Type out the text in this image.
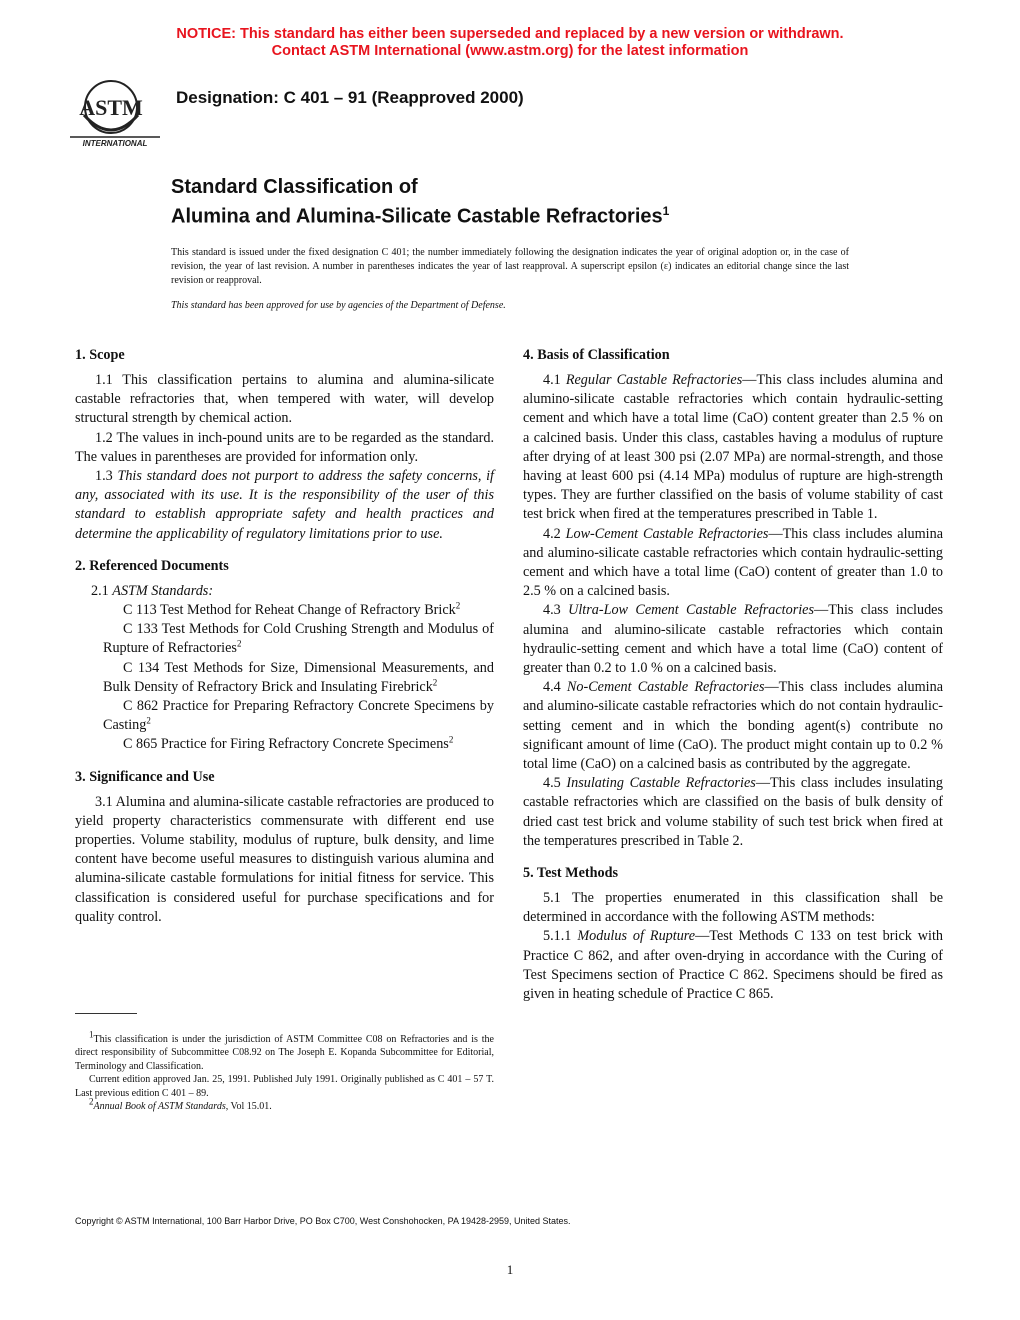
NOTICE: This standard has either been superseded and replaced by a new version or withdrawn.
Contact ASTM International (www.astm.org) for the latest information
ASTM
INTERNATIONAL
Designation: C 401 – 91 (Reapproved 2000)
Standard Classification of
Alumina and Alumina-Silicate Castable Refractories$^1$
This standard is issued under the fixed designation C 401; the number immediately following the designation indicates the year of original adoption or, in the case of revision, the year of last revision. A number in parentheses indicates the year of last reapproval. A superscript epsilon (ε) indicates an editorial change since the last revision or reapproval.
This standard has been approved for use by agencies of the Department of Defense.
1. Scope

1.1 This classification pertains to alumina and alumina-silicate castable refractories that, when tempered with water, will develop structural strength by chemical action.

1.2 The values in inch-pound units are to be regarded as the standard. The values in parentheses are provided for information only.

1.3 This standard does not purport to address the safety concerns, if any, associated with its use. It is the responsibility of the user of this standard to establish appropriate safety and health practices and determine the applicability of regulatory limitations prior to use.

2. Referenced Documents

2.1 ASTM Standards:

C 113 Test Method for Reheat Change of Refractory Brick$^2$

C 133 Test Methods for Cold Crushing Strength and Modulus of Rupture of Refractories$^2$

C 134 Test Methods for Size, Dimensional Measurements, and Bulk Density of Refractory Brick and Insulating Firebrick$^2$

C 862 Practice for Preparing Refractory Concrete Specimens by Casting$^2$

C 865 Practice for Firing Refractory Concrete Specimens$^2$

3. Significance and Use

3.1 Alumina and alumina-silicate castable refractories are produced to yield property characteristics commensurate with different end use properties. Volume stability, modulus of rupture, bulk density, and lime content have become useful measures to distinguish various alumina and alumina-silicate castable formulations for initial fitness for service. This classification is considered useful for purchase specifications and for quality control.

$^1$This classification is under the jurisdiction of ASTM Committee C08 on Refractories and is the direct responsibility of Subcommittee C08.92 on The Joseph E. Kopanda Subcommittee for Editorial, Terminology and Classification.

Current edition approved Jan. 25, 1991. Published July 1991. Originally published as C 401 – 57 T. Last previous edition C 401 – 89.

$^2$Annual Book of ASTM Standards, Vol 15.01.

4. Basis of Classification

4.1 Regular Castable Refractories—This class includes alumina and alumino-silicate castable refractories which contain hydraulic-setting cement and which have a total lime (CaO) content greater than 2.5 % on a calcined basis. Under this class, castables having a modulus of rupture after drying of at least 300 psi (2.07 MPa) are normal-strength, and those having at least 600 psi (4.14 MPa) modulus of rupture are high-strength types. They are further classified on the basis of volume stability of cast test brick when fired at the temperatures prescribed in Table 1.

4.2 Low-Cement Castable Refractories—This class includes alumina and alumino-silicate castable refractories which contain hydraulic-setting cement and which have a total lime (CaO) content of greater than 1.0 to 2.5 % on a calcined basis.

4.3 Ultra-Low Cement Castable Refractories—This class includes alumina and alumino-silicate castable refractories which contain hydraulic-setting cement and which have a total lime (CaO) content of greater than 0.2 to 1.0 % on a calcined basis.

4.4 No-Cement Castable Refractories—This class includes alumina and alumino-silicate castable refractories which do not contain hydraulic-setting cement and in which the bonding agent(s) contribute no significant amount of lime (CaO). The product might contain up to 0.2 % total lime (CaO) on a calcined basis as contributed by the aggregate.

4.5 Insulating Castable Refractories—This class includes insulating castable refractories which are classified on the basis of bulk density of dried cast test brick and volume stability of such test brick when fired at the temperatures prescribed in Table 2.

5. Test Methods

5.1 The properties enumerated in this classification shall be determined in accordance with the following ASTM methods:

5.1.1 Modulus of Rupture—Test Methods C 133 on test brick with Practice C 862, and after oven-drying in accordance with the Curing of Test Specimens section of Practice C 862. Specimens should be fired as given in heating schedule of Practice C 865.

Copyright © ASTM International, 100 Barr Harbor Drive, PO Box C700, West Conshohocken, PA 19428-2959, United States.
1
